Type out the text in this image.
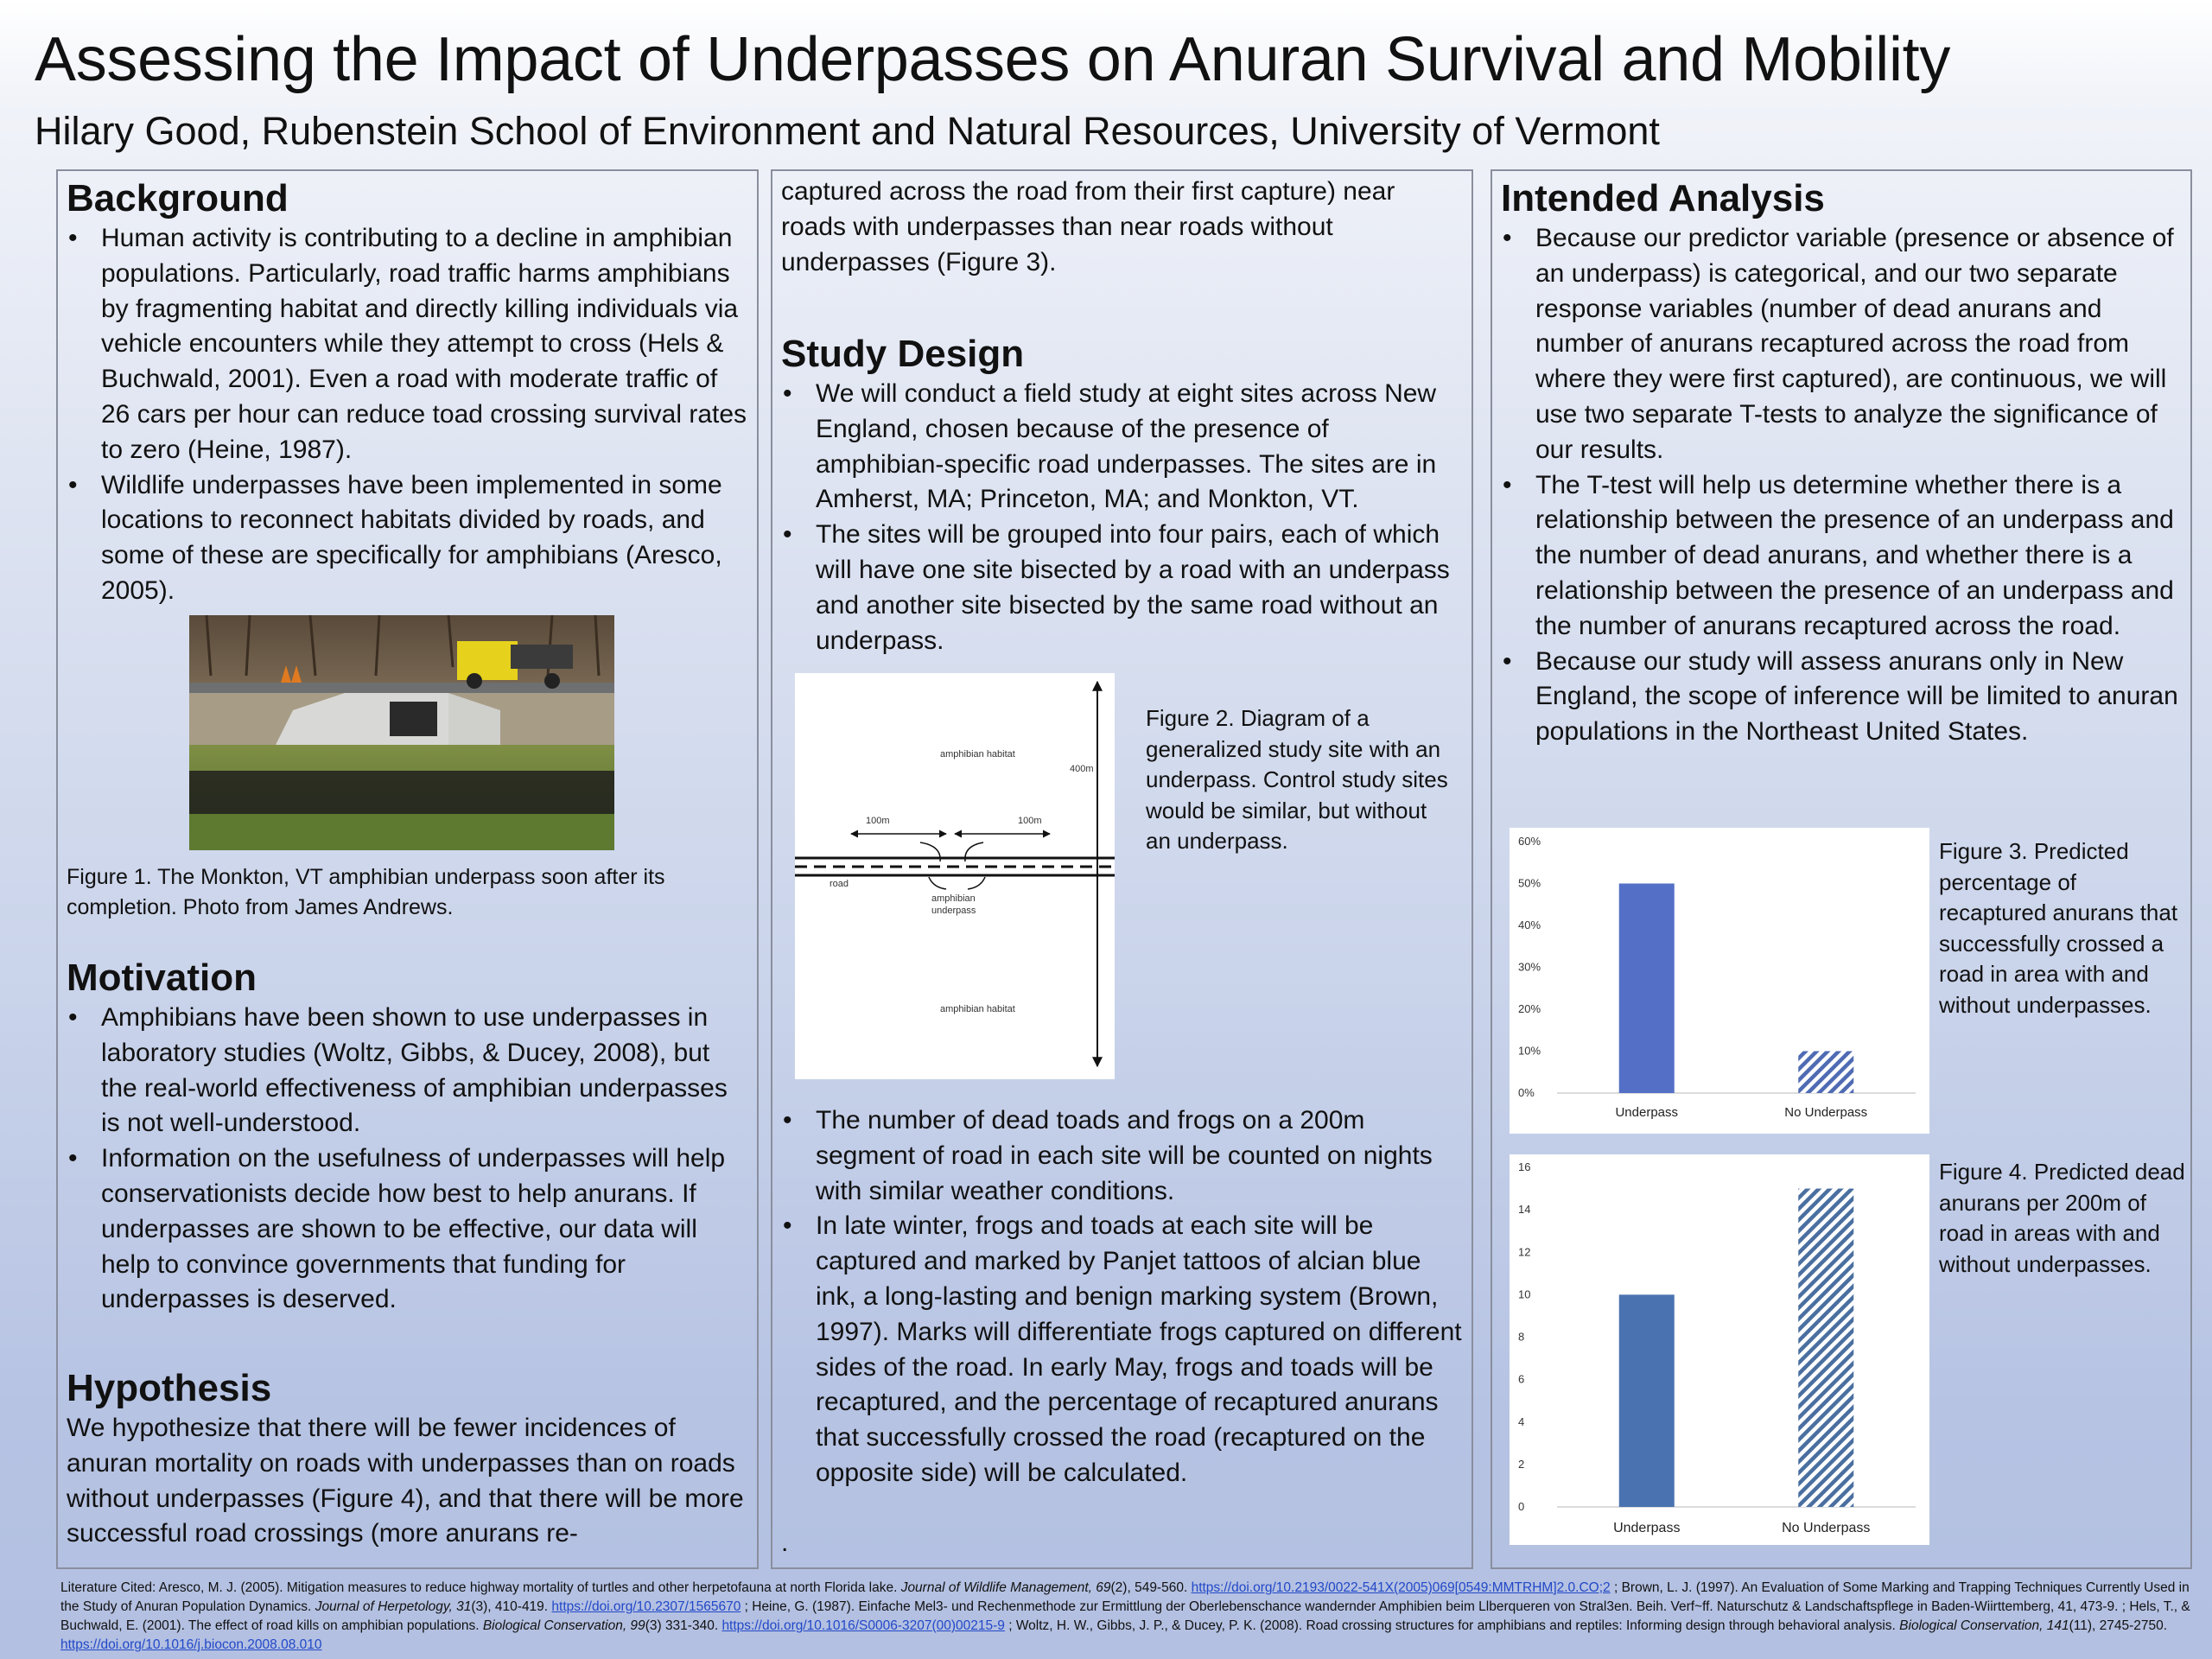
Assessing the Impact of Underpasses on Anuran Survival and Mobility
Hilary Good, Rubenstein School of Environment and Natural Resources, University of Vermont
Background
• Human activity is contributing to a decline in amphibian populations. Particularly, road traffic harms amphibians by fragmenting habitat and directly killing individuals via vehicle encounters while they attempt to cross (Hels & Buchwald, 2001). Even a road with moderate traffic of 26 cars per hour can reduce toad crossing survival rates to zero (Heine, 1987).
• Wildlife underpasses have been implemented in some locations to reconnect habitats divided by roads, and some of these are specifically for amphibians (Aresco, 2005).

Figure 1. The Monkton, VT amphibian underpass soon after its completion. Photo from James Andrews.

Motivation
• Amphibians have been shown to use underpasses in laboratory studies (Woltz, Gibbs, & Ducey, 2008), but the real-world effectiveness of amphibian underpasses is not well-understood.
• Information on the usefulness of underpasses will help conservationists decide how best to help anurans. If underpasses are shown to be effective, our data will help to convince governments that funding for underpasses is deserved.
Hypothesis

We hypothesize that there will be fewer incidences of anuran mortality on roads with underpasses than on roads without underpasses (Figure 4), and that there will be more successful road crossings (more anurans re-

captured across the road from their first capture) near roads with underpasses than near roads without underpasses (Figure 3).

Study Design
• We will conduct a field study at eight sites across New England, chosen because of the presence of amphibian-specific road underpasses. The sites are in Amherst, MA; Princeton, MA; and Monkton, VT.
• The sites will be grouped into four pairs, each of which will have one site bisected by a road with an underpass and another site bisected by the same road without an underpass.
amphibian habitat
400m
100m	100m
road
amphibian underpass
amphibian habitat

Figure 2. Diagram of a generalized study site with an underpass. Control study sites would be similar, but without an underpass.

• The number of dead toads and frogs on a 200m segment of road in each site will be counted on nights with similar weather conditions.
• In late winter, frogs and toads at each site will be captured and marked by Panjet tattoos of alcian blue ink, a long-lasting and benign marking system (Brown, 1997). Marks will differentiate frogs captured on different sides of the road. In early May, frogs and toads will be recaptured, and the percentage of recaptured anurans that successfully crossed the road (recaptured on the opposite side) will be calculated.

.

Intended Analysis
• Because our predictor variable (presence or absence of an underpass) is categorical, and our two separate response variables (number of dead anurans and number of anurans recaptured across the road from where they were first captured), are continuous, we will use two separate T-tests to analyze the significance of our results.
• The T-test will help us determine whether there is a relationship between the presence of an underpass and the number of dead anurans, and whether there is a relationship between the presence of an underpass and the number of anurans recaptured across the road.
• Because our study will assess anurans only in New England, the scope of inference will be limited to anuran populations in the Northeast United States.
0%
10%
20%
30%
40%
50%
60%
Underpass	No Underpass

Figure 3. Predicted percentage of recaptured anurans that successfully crossed a road in area with and without underpasses.

0
2
4
6
8
10
12
14
16
Underpass	No Underpass

Figure 4. Predicted dead anurans per 200m of road in areas with and without underpasses.

Literature Cited: Aresco, M. J. (2005). Mitigation measures to reduce highway mortality of turtles and other herpetofauna at north Florida lake. Journal of Wildlife Management, 69(2), 549-560. https://doi.org/10.2193/0022-541X(2005)069[0549:MMTRHM]2.0.CO;2 ; Brown, L. J. (1997). An Evaluation of Some Marking and Trapping Techniques Currently Used in the Study of Anuran Population Dynamics. Journal of Herpetology, 31(3), 410-419. https://doi.org/10.2307/1565670 ; Heine, G. (1987). Einfache Mel3- und Rechenmethode zur Ermittlung der Oberlebenschance wandernder Amphibien beim Llberqueren von Stral3en. Beih. Verf~ff. Naturschutz & Landschaftspflege in Baden-Wiirttemberg, 41, 473-9. ; Hels, T., & Buchwald, E. (2001). The effect of road kills on amphibian populations. Biological Conservation, 99(3) 331-340. https://doi.org/10.1016/S0006-3207(00)00215-9 ; Woltz, H. W., Gibbs, J. P., & Ducey, P. K. (2008). Road crossing structures for amphibians and reptiles: Informing design through behavioral analysis. Biological Conservation, 141(11), 2745-2750. https://doi.org/10.1016/j.biocon.2008.08.010
